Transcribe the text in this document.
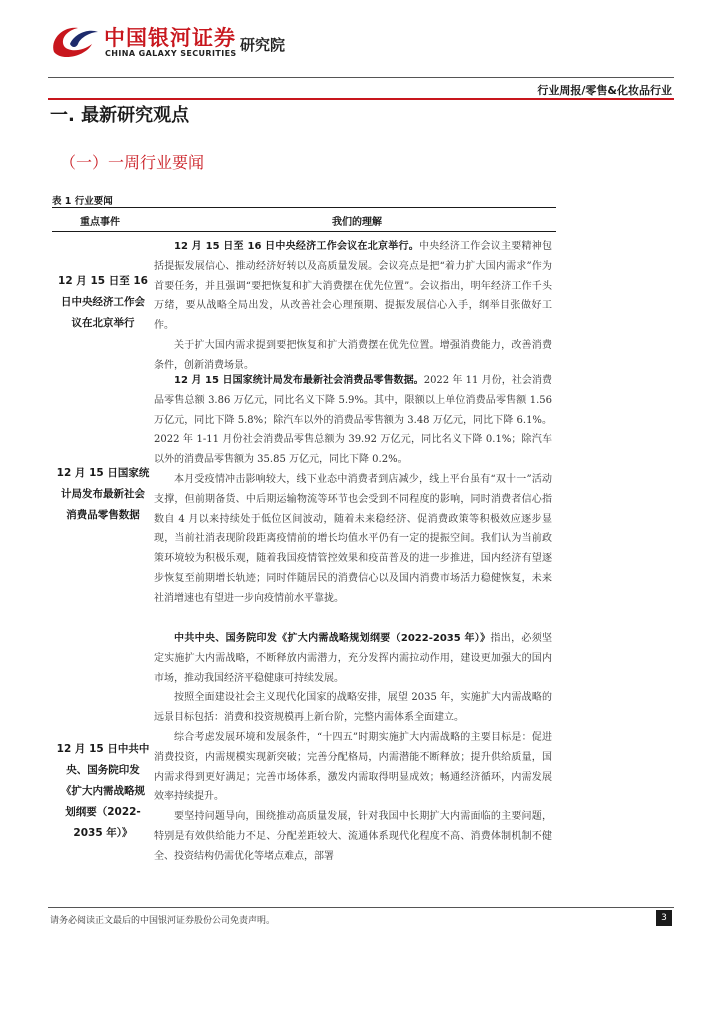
中国银河证券
CHINA GALAXY SECURITIES 研究院
行业周报/零售&化妆品行业
一. 最新研究观点
（一）一周行业要闻
表 1 行业要闻
重点事件	我们的理解
12 月 15 日至 16 日中央经济工作会议在北京举行

12 月 15 日至 16 日中央经济工作会议在北京举行。中央经济工作会议主要精神包括提振发展信心、推动经济好转以及高质量发展。会议亮点是把“着力扩大国内需求”作为首要任务，并且强调“要把恢复和扩大消费摆在优先位置”。会议指出，明年经济工作千头万绪，要从战略全局出发，从改善社会心理预期、提振发展信心入手，纲举目张做好工作。

关于扩大国内需求提到要把恢复和扩大消费摆在优先位置。增强消费能力，改善消费条件，创新消费场景。

12 月 15 日国家统计局发布最新社会消费品零售数据

12 月 15 日国家统计局发布最新社会消费品零售数据。2022 年 11 月份，社会消费品零售总额 3.86 万亿元，同比名义下降 5.9%。其中，限额以上单位消费品零售额 1.56 万亿元，同比下降 5.8%；除汽车以外的消费品零售额为 3.48 万亿元，同比下降 6.1%。2022 年 1-11 月份社会消费品零售总额为 39.92 万亿元，同比名义下降 0.1%；除汽车以外的消费品零售额为 35.85 万亿元，同比下降 0.2%。

本月受疫情冲击影响较大，线下业态中消费者到店减少，线上平台虽有“双十一”活动支撑，但前期备货、中后期运输物流等环节也会受到不同程度的影响，同时消费者信心指数自 4 月以来持续处于低位区间波动，随着未来稳经济、促消费政策等积极效应逐步显现，当前社消表现阶段距离疫情前的增长均值水平仍有一定的提振空间。我们认为当前政策环境较为积极乐观，随着我国疫情管控效果和疫苗普及的进一步推进，国内经济有望逐步恢复至前期增长轨迹；同时伴随居民的消费信心以及国内消费市场活力稳健恢复，未来社消增速也有望进一步向疫情前水平靠拢。

12 月 15 日中共中央、国务院印发《扩大内需战略规划纲要（2022-2035 年）》

中共中央、国务院印发《扩大内需战略规划纲要（2022-2035 年）》指出，必须坚定实施扩大内需战略，不断释放内需潜力，充分发挥内需拉动作用，建设更加强大的国内市场，推动我国经济平稳健康可持续发展。

按照全面建设社会主义现代化国家的战略安排，展望 2035 年，实施扩大内需战略的远景目标包括：消费和投资规模再上新台阶，完整内需体系全面建立。

综合考虑发展环境和发展条件，“十四五”时期实施扩大内需战略的主要目标是：促进消费投资，内需规模实现新突破；完善分配格局，内需潜能不断释放；提升供给质量，国内需求得到更好满足；完善市场体系，激发内需取得明显成效；畅通经济循环，内需发展效率持续提升。

要坚持问题导向，围绕推动高质量发展，针对我国中长期扩大内需面临的主要问题，特别是有效供给能力不足、分配差距较大、流通体系现代化程度不高、消费体制机制不健全、投资结构仍需优化等堵点难点，部署

请务必阅读正文最后的中国银河证券股份公司免责声明。	3
